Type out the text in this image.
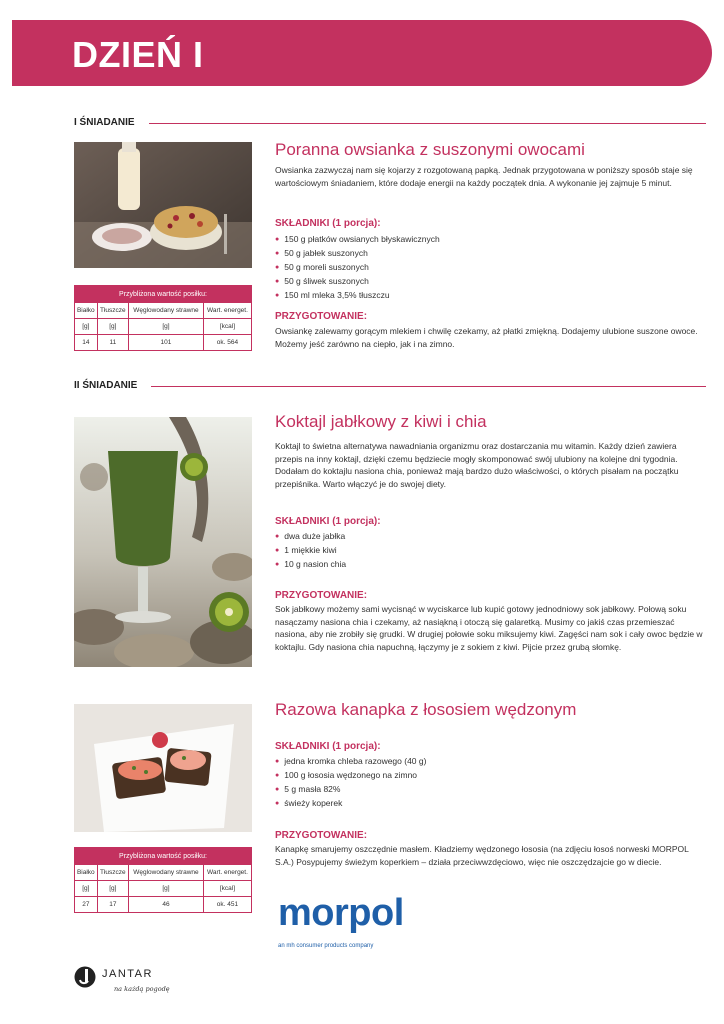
DZIEŃ I
I ŚNIADANIE
Przybliżona wartość posiłku:			
Białko	Tłuszcze	Węglowodany strawne	Wart. energet.
[g]	[g]	[g]	[kcal]
14	11	101	ok. 564
Poranna owsianka z suszonymi owocami
Owsianka zazwyczaj nam się kojarzy z rozgotowaną papką. Jednak przygotowana w poniższy sposób staje się wartościowym śniadaniem, które dodaje energii na każdy początek dnia. A wykonanie jej zajmuje 5 minut.
SKŁADNIKI (1 porcja):
● 150 g płatków owsianych błyskawicznych
● 50 g jabłek suszonych
● 50 g moreli suszonych
● 50 g śliwek suszonych
● 150 ml mleka 3,5% tłuszczu
PRZYGOTOWANIE:
Owsiankę zalewamy gorącym mlekiem i chwilę czekamy, aż płatki zmiękną. Dodajemy ulubione suszone owoce. Możemy jeść zarówno na ciepło, jak i na zimno.
II ŚNIADANIE
Koktajl jabłkowy z kiwi i chia
Koktajl to świetna alternatywa nawadniania organizmu oraz dostarczania mu witamin. Każdy dzień zawiera przepis na inny koktajl, dzięki czemu będziecie mogły skomponować swój ulubiony na kolejne dni tygodnia. Dodałam do koktajlu nasiona chia, ponieważ mają bardzo dużo właściwości, o których pisałam na początku przepiśnika. Warto włączyć je do swojej diety.
SKŁADNIKI (1 porcja):
● dwa duże jabłka
● 1 miękkie kiwi
● 10 g nasion chia
PRZYGOTOWANIE:
Sok jabłkowy możemy sami wycisnąć w wyciskarce lub kupić gotowy jednodniowy sok jabłkowy. Połową soku nasączamy nasiona chia i czekamy, aż nasiąkną i otoczą się galaretką. Musimy co jakiś czas przemieszać nasiona, aby nie zrobiły się grudki. W drugiej połowie soku miksujemy kiwi. Zagęści nam sok i cały owoc będzie w koktajlu. Gdy nasiona chia napuchną, łączymy je z sokiem z kiwi. Pijcie przez grubą słomkę.
Przybliżona wartość posiłku:			
Białko	Tłuszcze	Węglowodany strawne	Wart. energet.
[g]	[g]	[g]	[kcal]
27	17	46	ok. 451
Razowa kanapka z łososiem wędzonym
SKŁADNIKI (1 porcja):
● jedna kromka chleba razowego (40 g)
● 100 g łososia wędzonego na zimno
● 5 g masła 82%
● świeży koperek
PRZYGOTOWANIE:
Kanapkę smarujemy oszczędnie masłem. Kładziemy wędzonego łososia (na zdjęciu łosoś norweski MORPOL S.A.) Posypujemy świeżym koperkiem – działa przeciwwzdęciowo, więc nie oszczędzajcie go w diecie.
morpol
an mh consumer products company
JANTAR
na każdą pogodę
